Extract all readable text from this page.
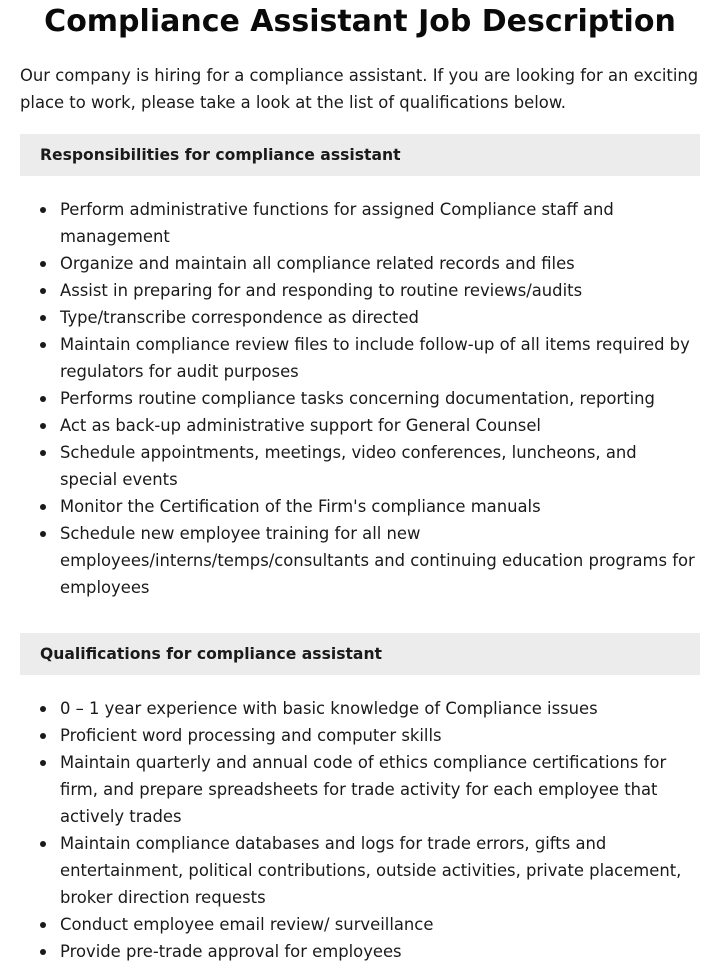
Compliance Assistant Job Description

Our company is hiring for a compliance assistant. If you are looking for an exciting place to work, please take a look at the list of qualifications below.

Responsibilities for compliance assistant
Perform administrative functions for assigned Compliance staff and management
Organize and maintain all compliance related records and files
Assist in preparing for and responding to routine reviews/audits
Type/transcribe correspondence as directed
Maintain compliance review files to include follow-up of all items required by regulators for audit purposes
Performs routine compliance tasks concerning documentation, reporting
Act as back-up administrative support for General Counsel
Schedule appointments, meetings, video conferences, luncheons, and special events
Monitor the Certification of the Firm's compliance manuals
Schedule new employee training for all new employees/interns/temps/consultants and continuing education programs for employees
Qualifications for compliance assistant
0 – 1 year experience with basic knowledge of Compliance issues
Proficient word processing and computer skills
Maintain quarterly and annual code of ethics compliance certifications for firm, and prepare spreadsheets for trade activity for each employee that actively trades
Maintain compliance databases and logs for trade errors, gifts and entertainment, political contributions, outside activities, private placement, broker direction requests
Conduct employee email review/ surveillance
Provide pre-trade approval for employees
